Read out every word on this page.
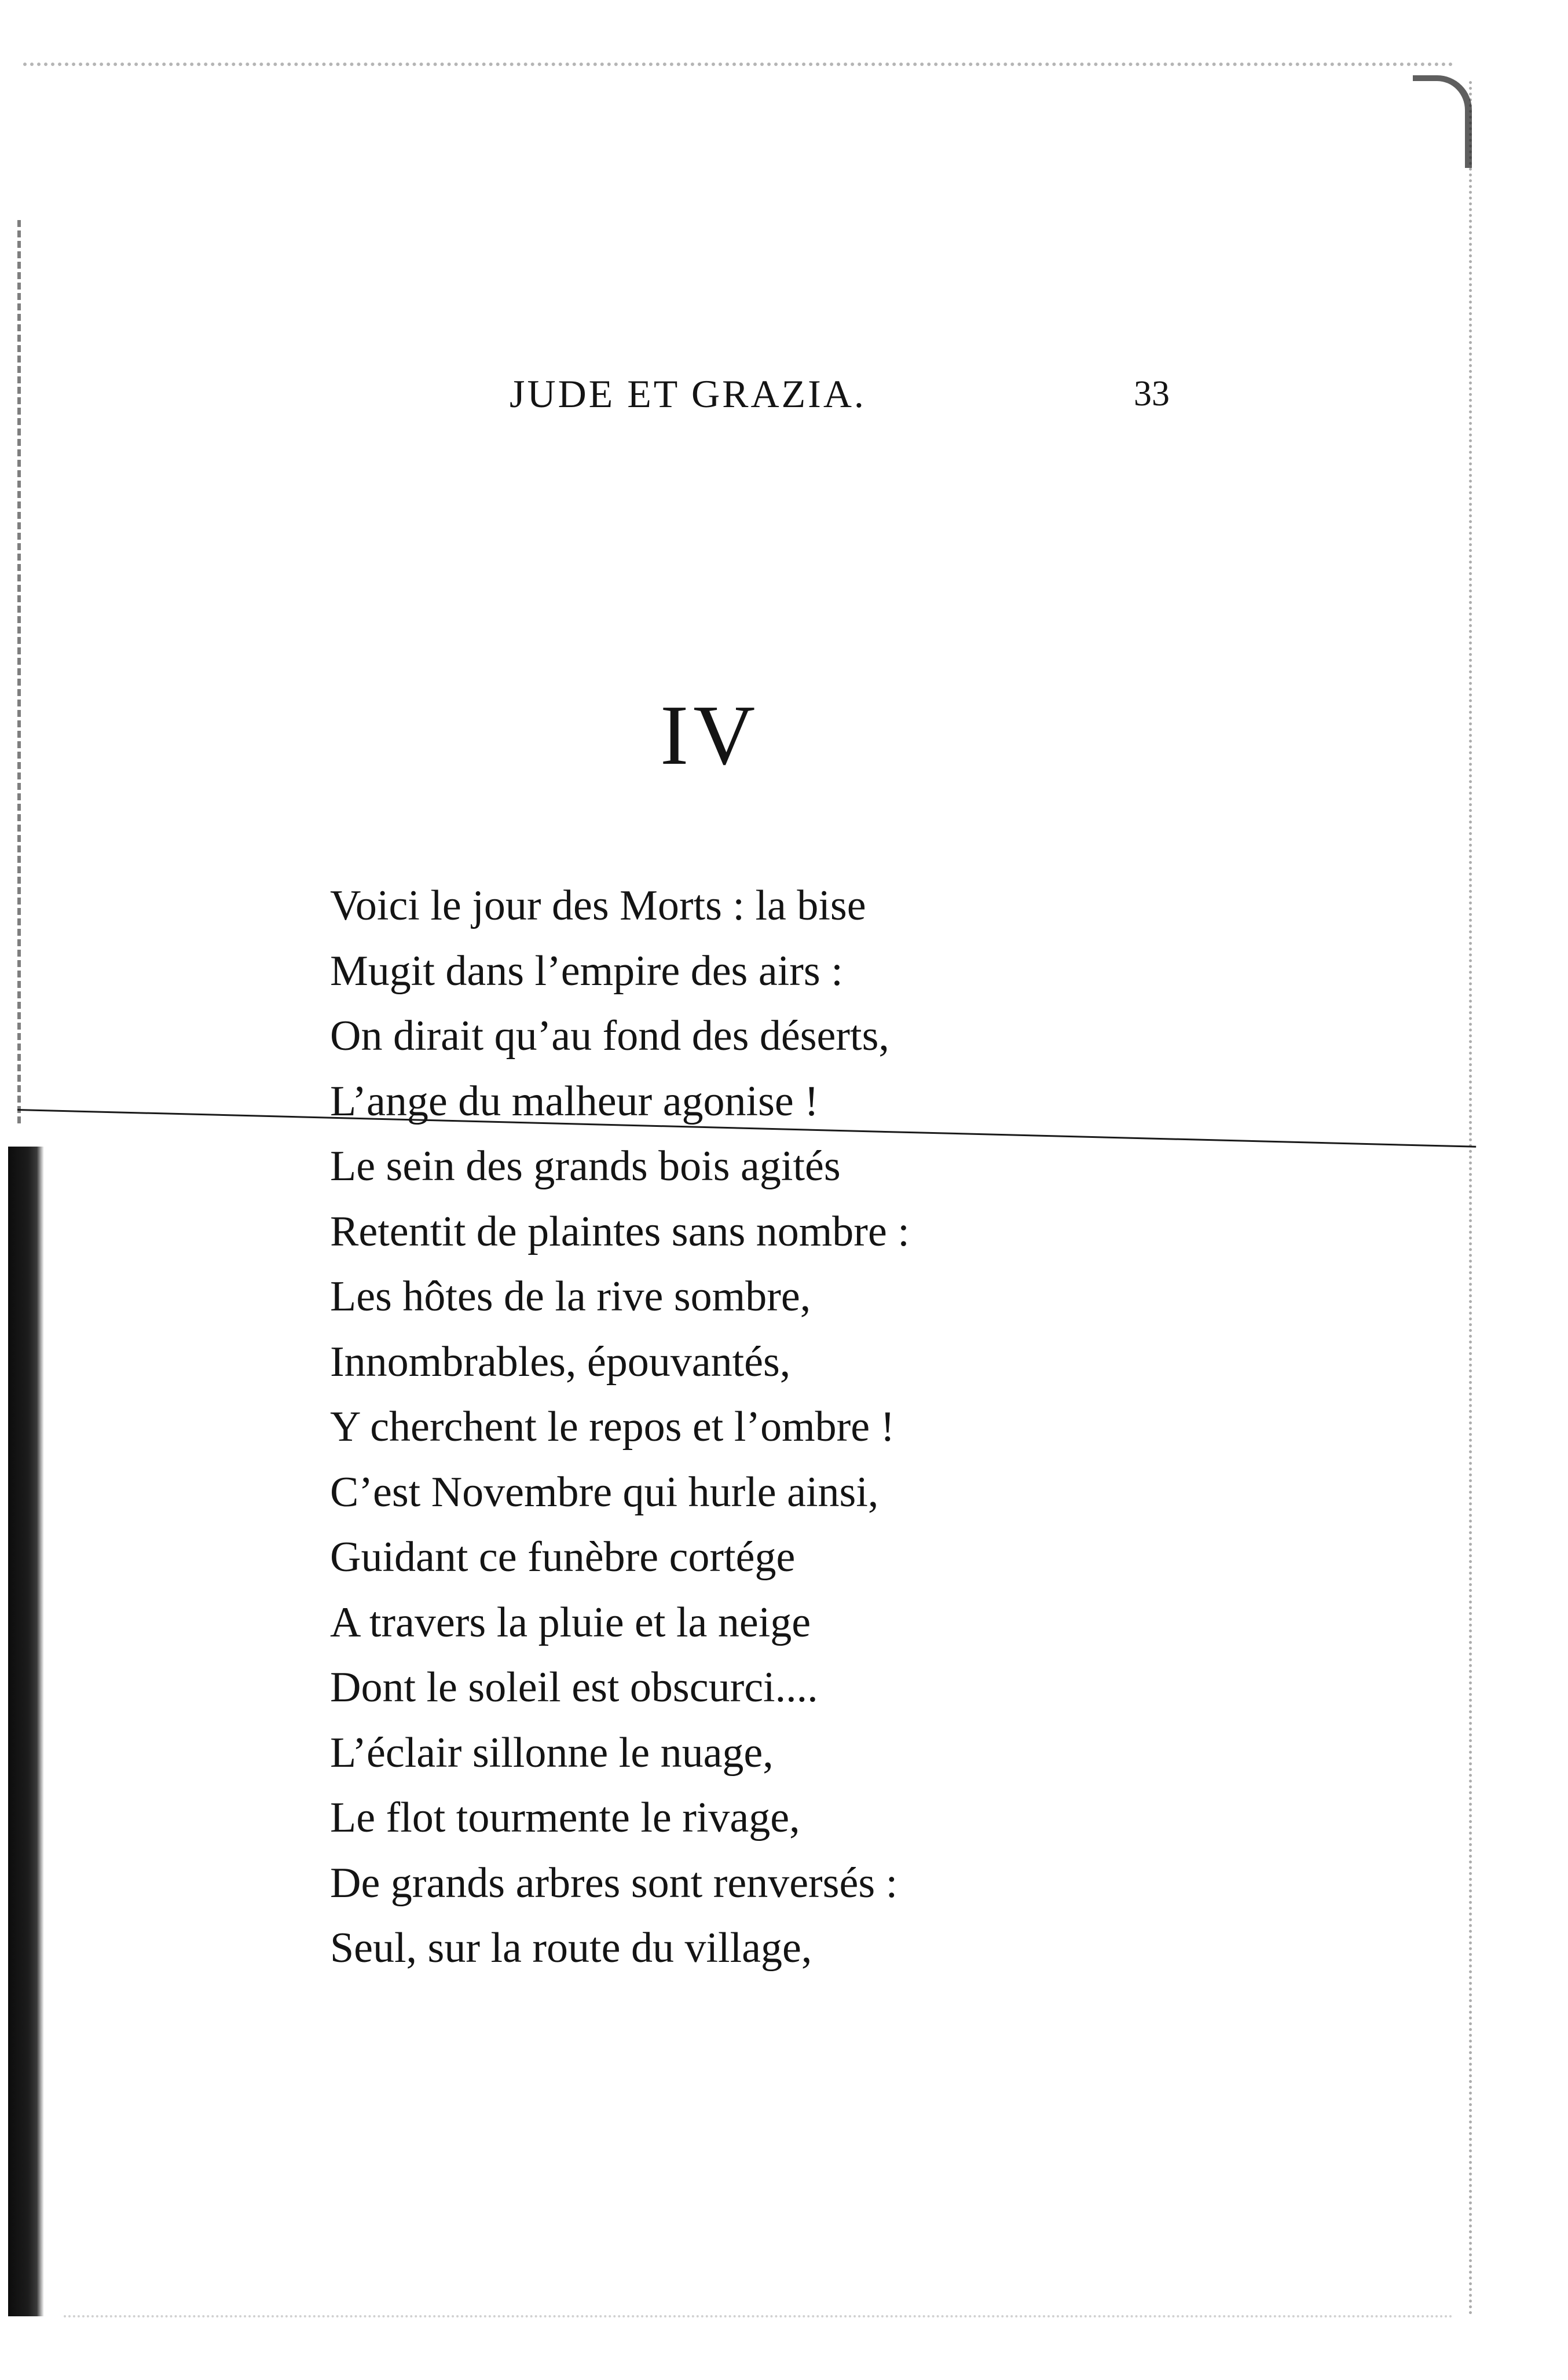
JUDE ET GRAZIA.	33
IV
Voici le jour des Morts : la bise
Mugit dans l’empire des airs :
On dirait qu’au fond des déserts,
L’ange du malheur agonise !
Le sein des grands bois agités
Retentit de plaintes sans nombre :
Les hôtes de la rive sombre,
Innombrables, épouvantés,
Y cherchent le repos et l’ombre !
C’est Novembre qui hurle ainsi,
Guidant ce funèbre cortége
A travers la pluie et la neige
Dont le soleil est obscurci....
L’éclair sillonne le nuage,
Le flot tourmente le rivage,
De grands arbres sont renversés :
Seul, sur la route du village,
